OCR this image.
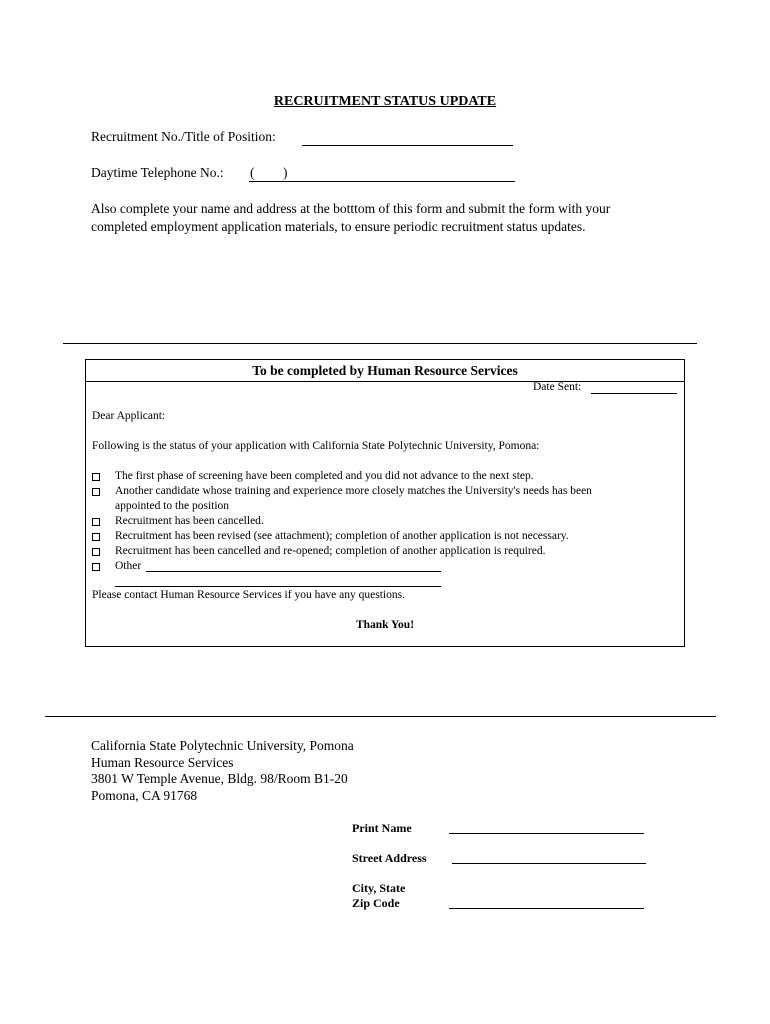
RECRUITMENT STATUS UPDATE
Recruitment No./Title of Position:
Daytime Telephone No.: ( )
Also complete your name and address at the botttom of this form and submit the form with your
completed employment application materials, to ensure periodic recruitment status updates.
To be completed by Human Resource Services
Date Sent:
Dear Applicant:
Following is the status of your application with California State Polytechnic University, Pomona:
The first phase of screening have been completed and you did not advance to the next step.
Another candidate whose training and experience more closely matches the University's needs has been
appointed to the position
Recruitment has been cancelled.
Recruitment has been revised (see attachment); completion of another application is not necessary.
Recruitment has been cancelled and re-opened; completion of another application is required.
Other
Please contact Human Resource Services if you have any questions.
Thank You!
California State Polytechnic University, Pomona
Human Resource Services
3801 W Temple Avenue, Bldg. 98/Room B1-20
Pomona, CA 91768
Print Name
Street Address
City, State
Zip Code
